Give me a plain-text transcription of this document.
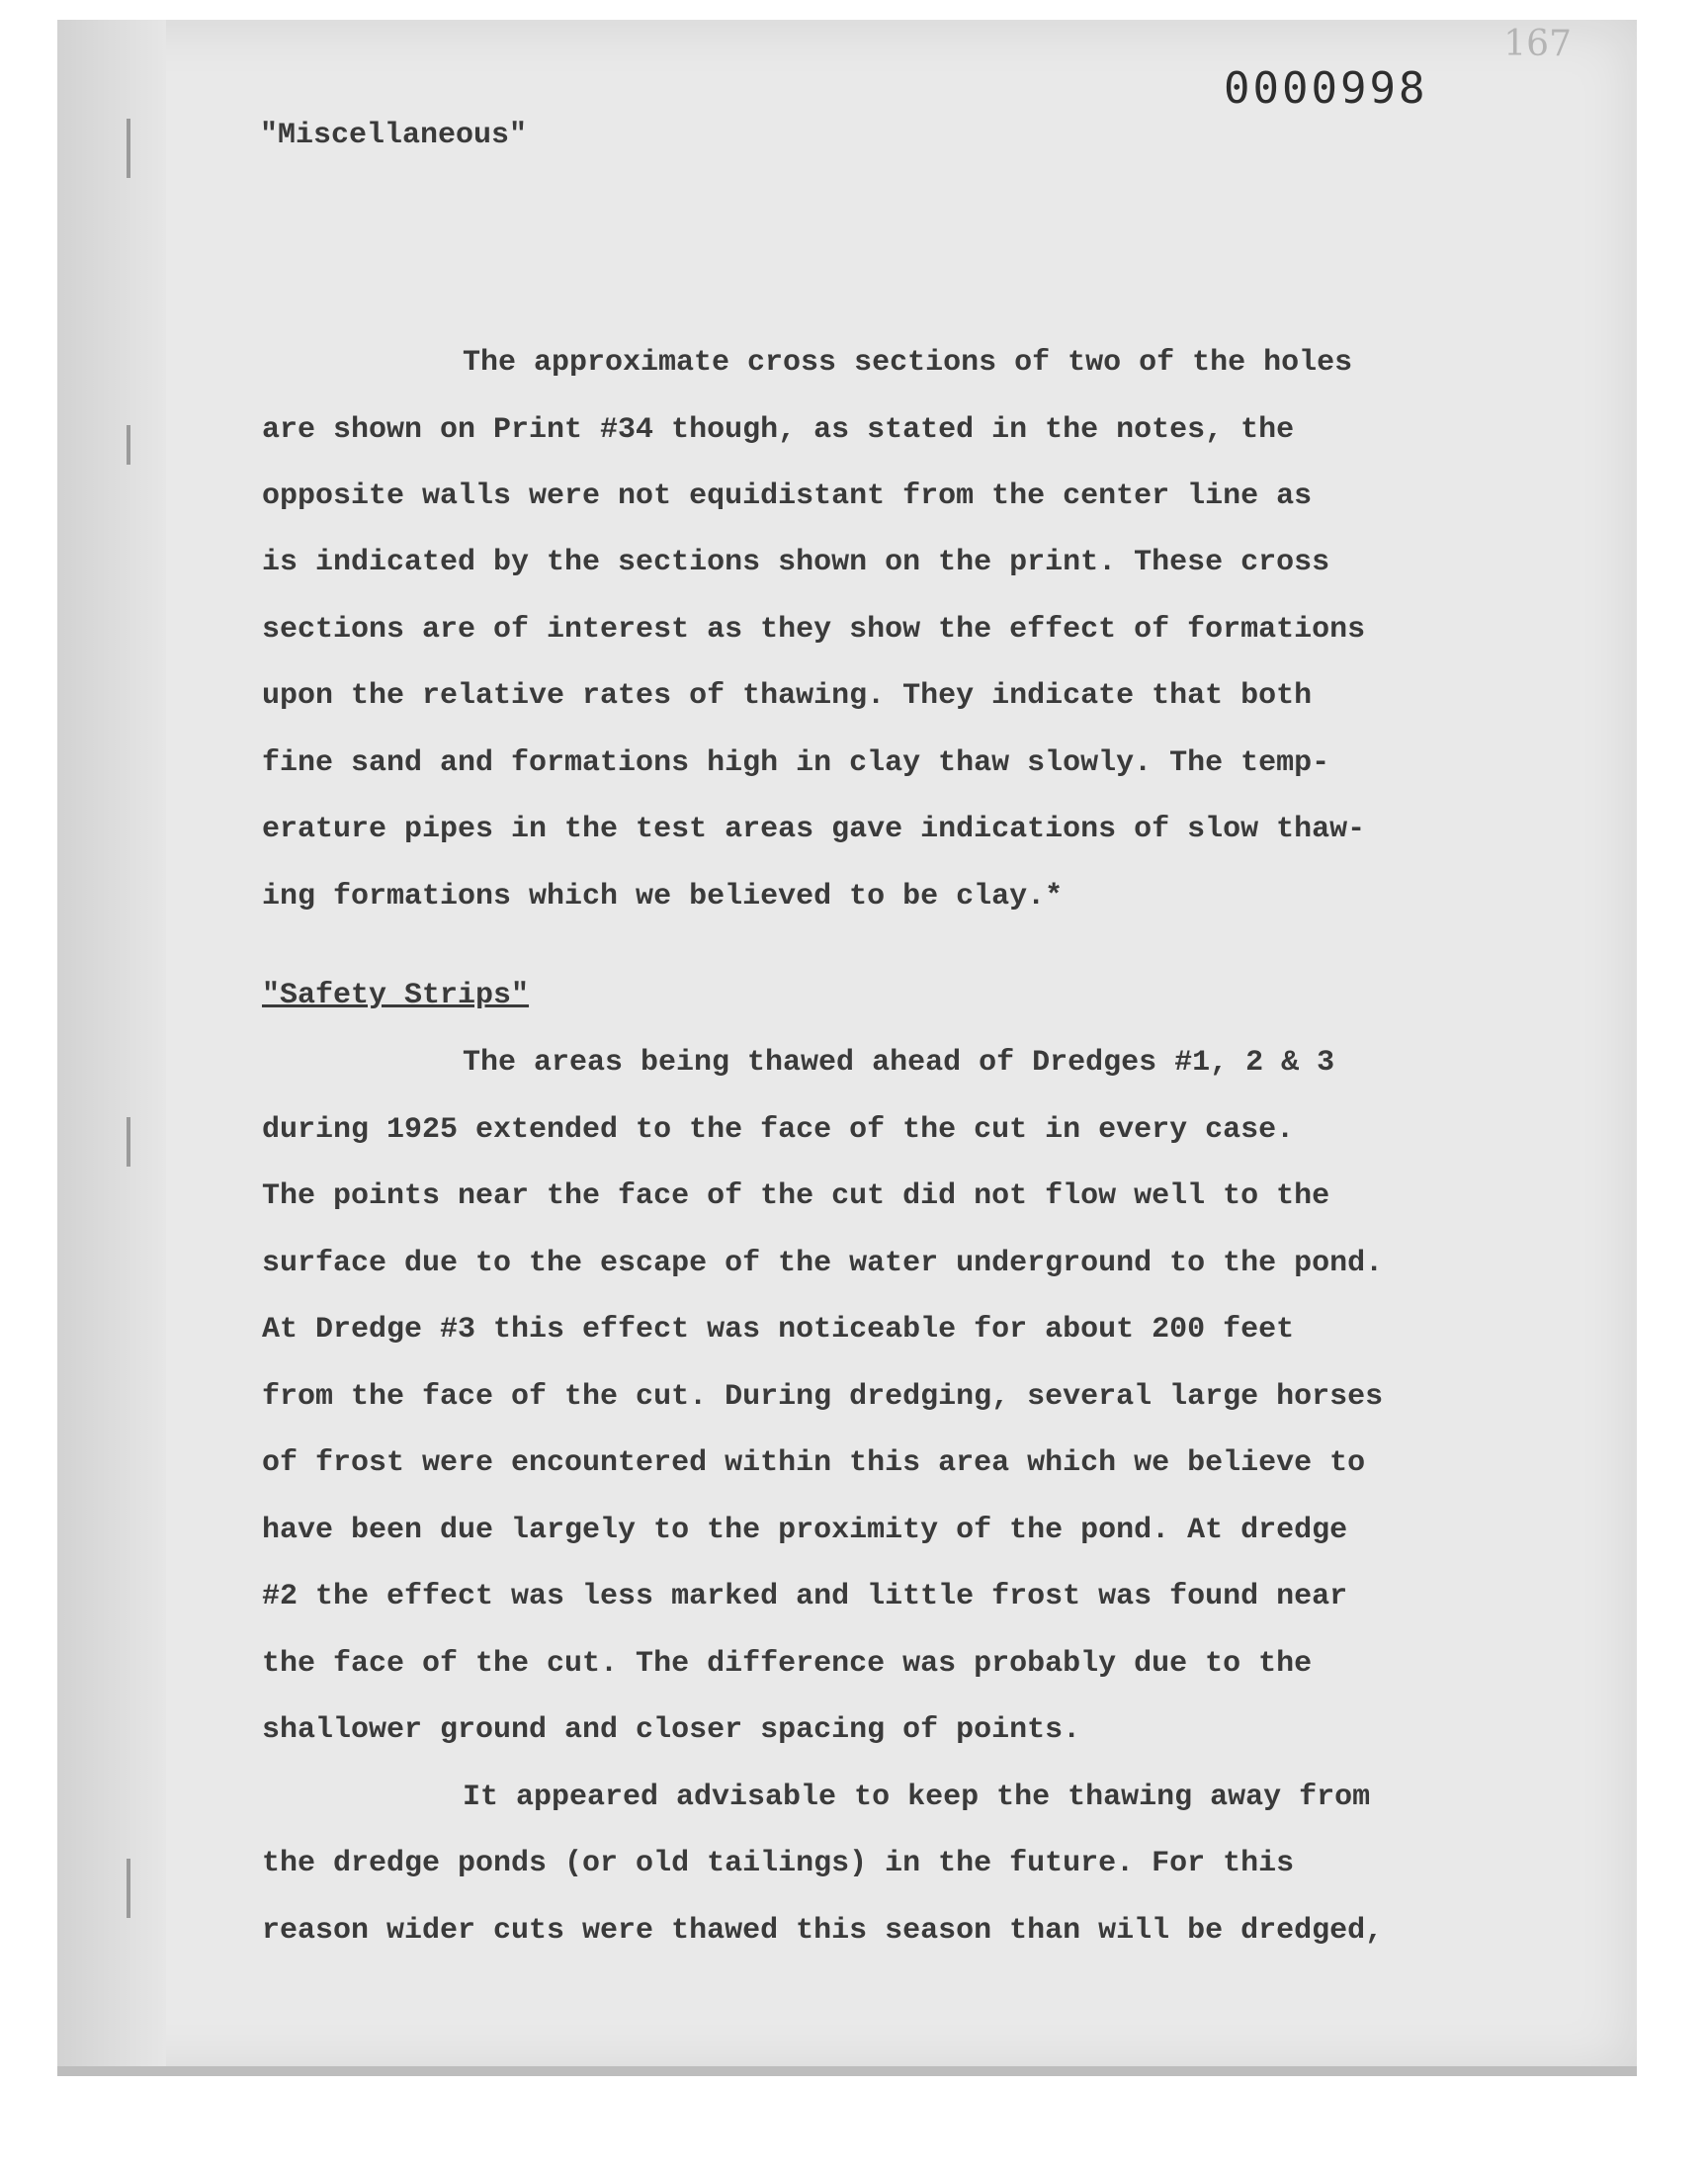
167
0000998
"Miscellaneous"
The approximate cross sections of two of the holes
are shown on Print #34 though, as stated in the notes, the
opposite walls were not equidistant from the center line as
is indicated by the sections shown on the print. These cross
sections are of interest as they show the effect of formations
upon the relative rates of thawing. They indicate that both
fine sand and formations high in clay thaw slowly. The temp-
erature pipes in the test areas gave indications of slow thaw-
ing formations which we believed to be clay.*
"Safety Strips"
The areas being thawed ahead of Dredges #1, 2 & 3
during 1925 extended to the face of the cut in every case.
The points near the face of the cut did not flow well to the
surface due to the escape of the water underground to the pond.
At Dredge #3 this effect was noticeable for about 200 feet
from the face of the cut. During dredging, several large horses
of frost were encountered within this area which we believe to
have been due largely to the proximity of the pond. At dredge
#2 the effect was less marked and little frost was found near
the face of the cut. The difference was probably due to the
shallower ground and closer spacing of points.
It appeared advisable to keep the thawing away from
the dredge ponds (or old tailings) in the future. For this
reason wider cuts were thawed this season than will be dredged,
